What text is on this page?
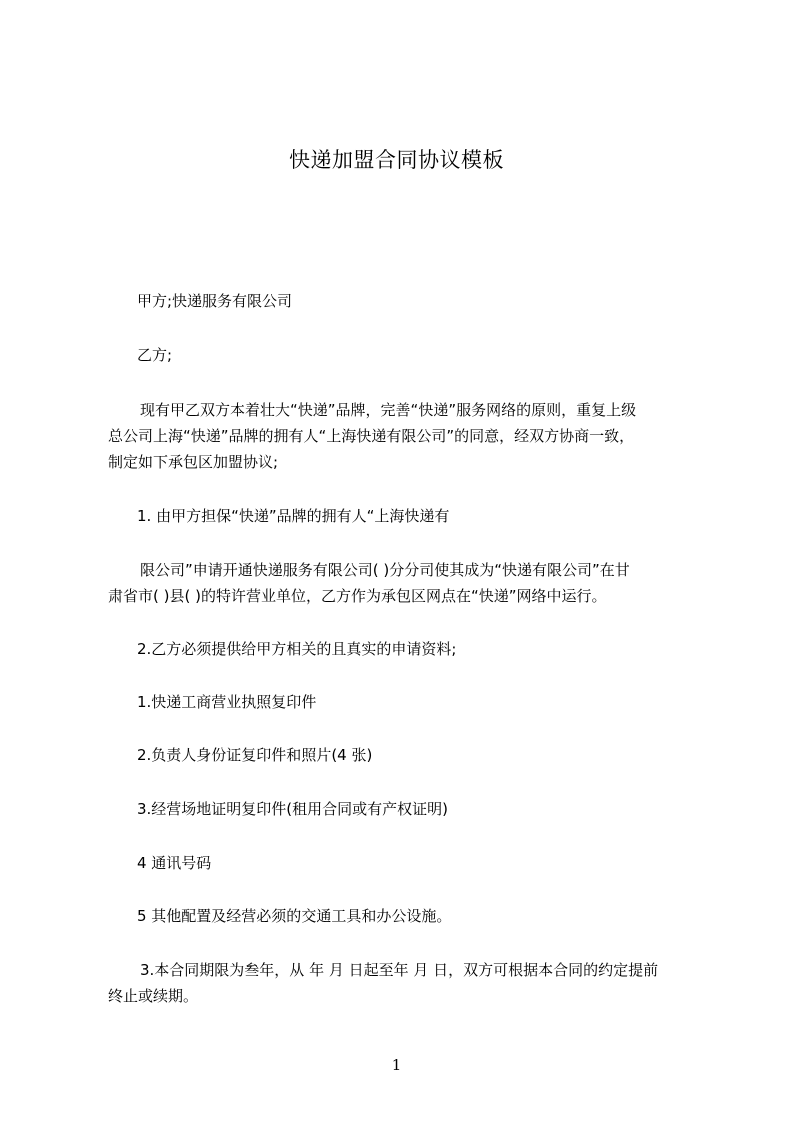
快递加盟合同协议模板
甲方;快递服务有限公司
乙方;
现有甲乙双方本着壮大“快递”品牌，完善“快递”服务网络的原则，重复上级
总公司上海“快递”品牌的拥有人“上海快递有限公司”的同意，经双方协商一致，
制定如下承包区加盟协议;
1. 由甲方担保“快递”品牌的拥有人“上海快递有
限公司”申请开通快递服务有限公司( )分分司使其成为“快递有限公司”在甘
肃省市( )县( )的特许营业单位，乙方作为承包区网点在“快递”网络中运行。
2.乙方必须提供给甲方相关的且真实的申请资料;
1.快递工商营业执照复印件
2.负责人身份证复印件和照片(4 张)
3.经营场地证明复印件(租用合同或有产权证明)
4 通讯号码
5 其他配置及经营必须的交通工具和办公设施。
3.本合同期限为叁年，从 年 月 日起至年 月 日，双方可根据本合同的约定提前
终止或续期。
1
